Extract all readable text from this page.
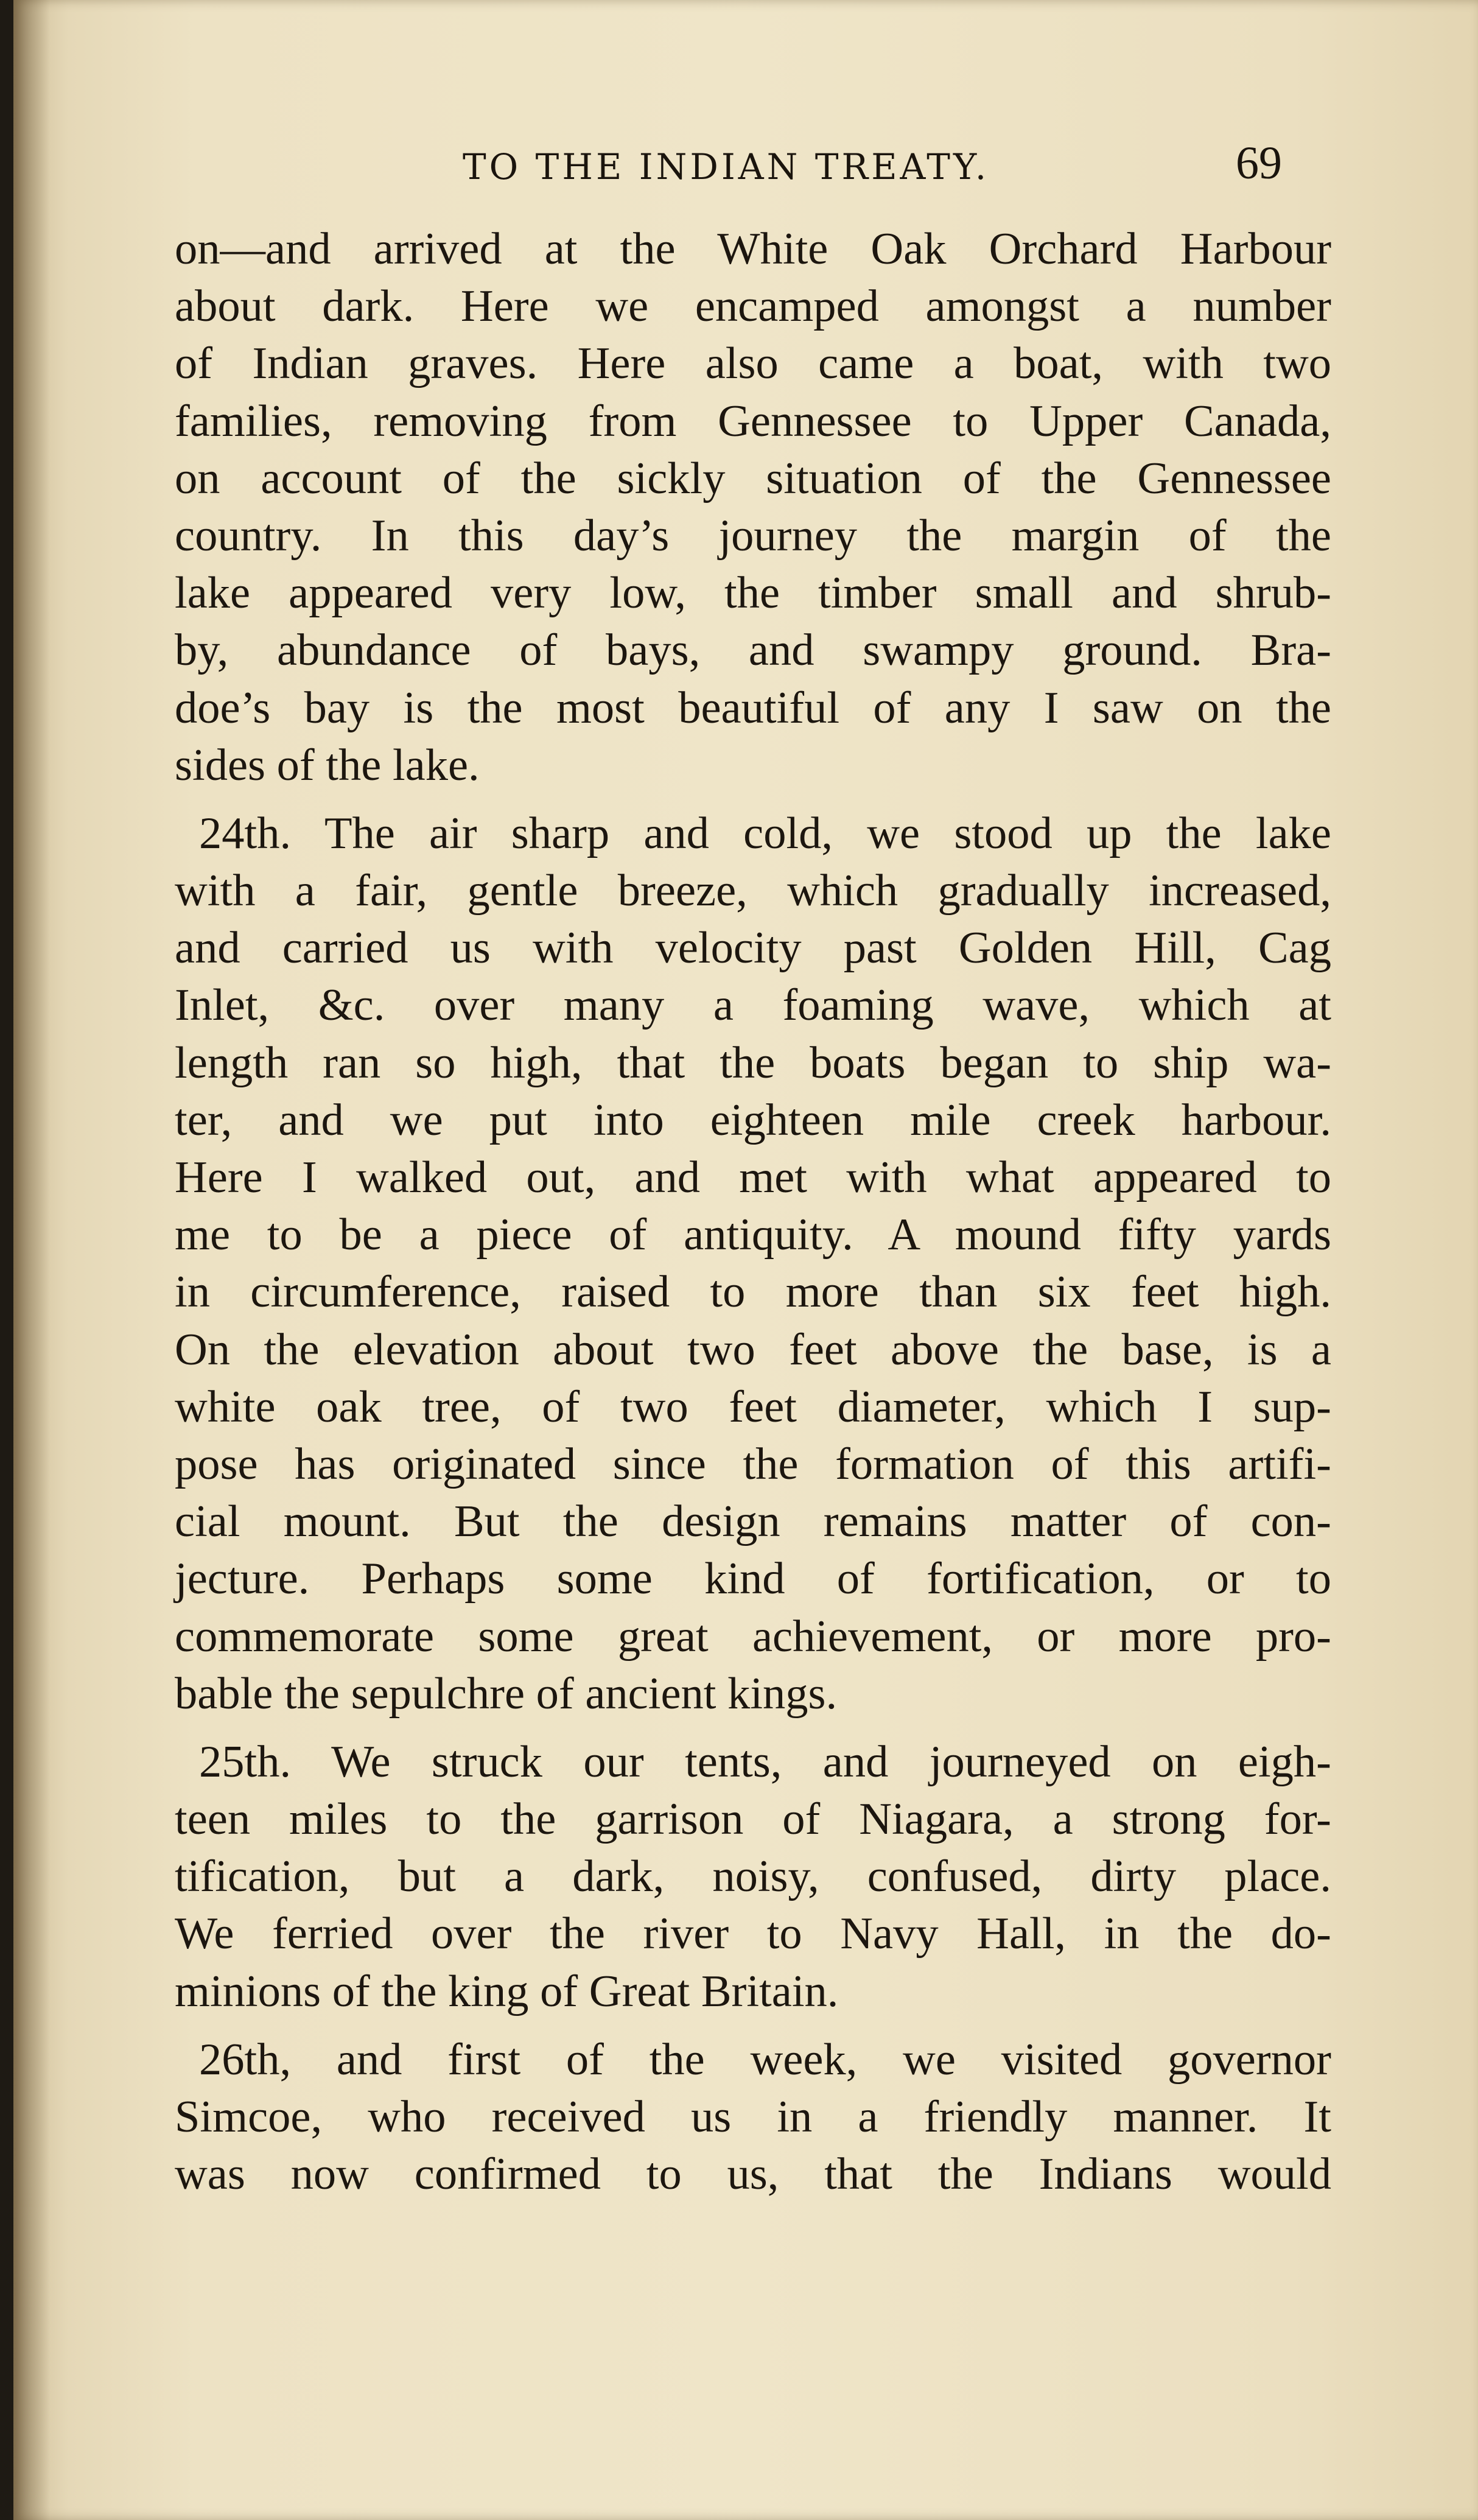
TO THE INDIAN TREATY.	69
on—and arrived at the White Oak Orchard Harbour
about dark. Here we encamped amongst a number
of Indian graves. Here also came a boat, with two
families, removing from Gennessee to Upper Canada,
on account of the sickly situation of the Gennessee
country. In this day’s journey the margin of the
lake appeared very low, the timber small and shrub-
by, abundance of bays, and swampy ground. Bra-
doe’s bay is the most beautiful of any I saw on the
sides of the lake.
24th. The air sharp and cold, we stood up the lake
with a fair, gentle breeze, which gradually increased,
and carried us with velocity past Golden Hill, Cag
Inlet, &c. over many a foaming wave, which at
length ran so high, that the boats began to ship wa-
ter, and we put into eighteen mile creek harbour.
Here I walked out, and met with what appeared to
me to be a piece of antiquity. A mound fifty yards
in circumference, raised to more than six feet high.
On the elevation about two feet above the base, is a
white oak tree, of two feet diameter, which I sup-
pose has originated since the formation of this artifi-
cial mount. But the design remains matter of con-
jecture. Perhaps some kind of fortification, or to
commemorate some great achievement, or more pro-
bable the sepulchre of ancient kings.
25th. We struck our tents, and journeyed on eigh-
teen miles to the garrison of Niagara, a strong for-
tification, but a dark, noisy, confused, dirty place.
We ferried over the river to Navy Hall, in the do-
minions of the king of Great Britain.
26th, and first of the week, we visited governor
Simcoe, who received us in a friendly manner. It
was now confirmed to us, that the Indians would
